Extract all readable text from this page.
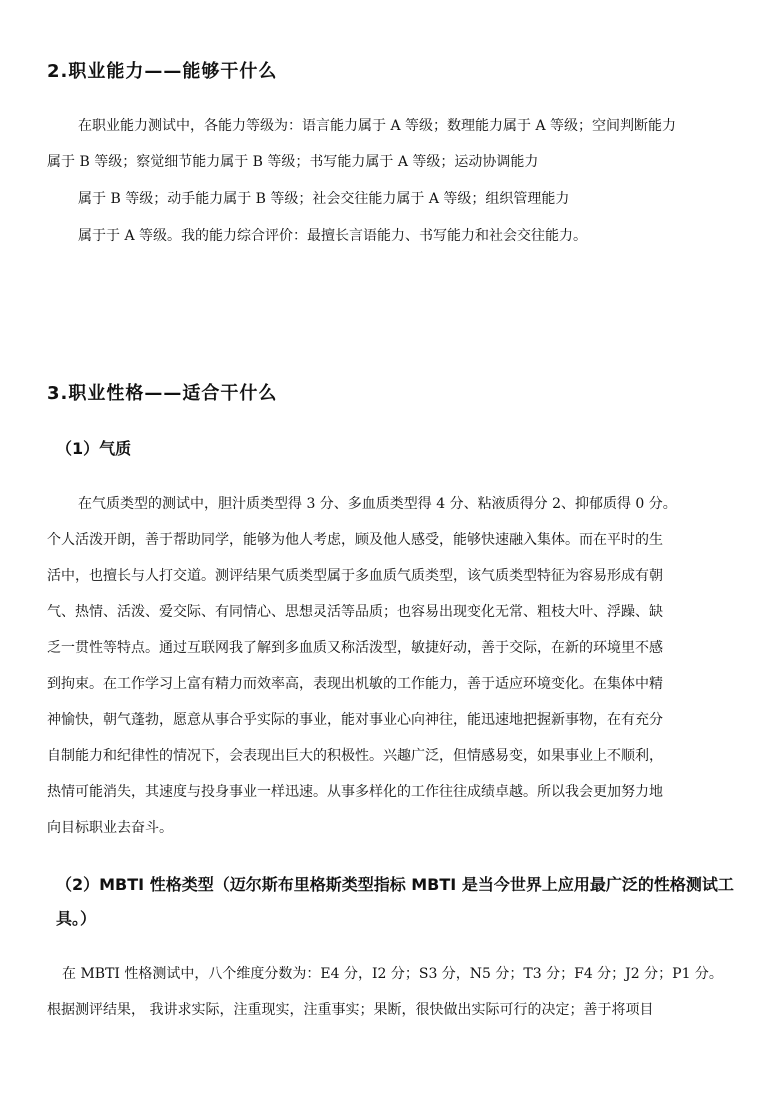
2.职业能力——能够干什么
在职业能力测试中，各能力等级为：语言能力属于 A 等级；数理能力属于 A 等级；空间判断能力
属于 B 等级；察觉细节能力属于 B 等级；书写能力属于 A 等级；运动协调能力
属于 B 等级；动手能力属于 B 等级；社会交往能力属于 A 等级；组织管理能力
属于于 A 等级。我的能力综合评价：最擅长言语能力、书写能力和社会交往能力。
3.职业性格——适合干什么
（1）气质
在气质类型的测试中，胆汁质类型得 3 分、多血质类型得 4 分、粘液质得分 2、抑郁质得 0 分。
个人活泼开朗，善于帮助同学，能够为他人考虑，顾及他人感受，能够快速融入集体。而在平时的生
活中，也擅长与人打交道。测评结果气质类型属于多血质气质类型，该气质类型特征为容易形成有朝
气、热情、活泼、爱交际、有同情心、思想灵活等品质；也容易出现变化无常、粗枝大叶、浮躁、缺
乏一贯性等特点。通过互联网我了解到多血质又称活泼型，敏捷好动，善于交际，在新的环境里不感
到拘束。在工作学习上富有精力而效率高，表现出机敏的工作能力，善于适应环境变化。在集体中精
神愉快，朝气蓬勃，愿意从事合乎实际的事业，能对事业心向神往，能迅速地把握新事物，在有充分
自制能力和纪律性的情况下，会表现出巨大的积极性。兴趣广泛，但情感易变，如果事业上不顺利，
热情可能消失，其速度与投身事业一样迅速。从事多样化的工作往往成绩卓越。所以我会更加努力地
向目标职业去奋斗。
（2）MBTI 性格类型（迈尔斯布里格斯类型指标 MBTI 是当今世界上应用最广泛的性格测试工具。）
在 MBTI 性格测试中，八个维度分数为：E4 分，I2 分；S3 分，N5 分；T3 分；F4 分；J2 分；P1 分。
根据测评结果， 我讲求实际，注重现实，注重事实；果断，很快做出实际可行的决定；善于将项目
